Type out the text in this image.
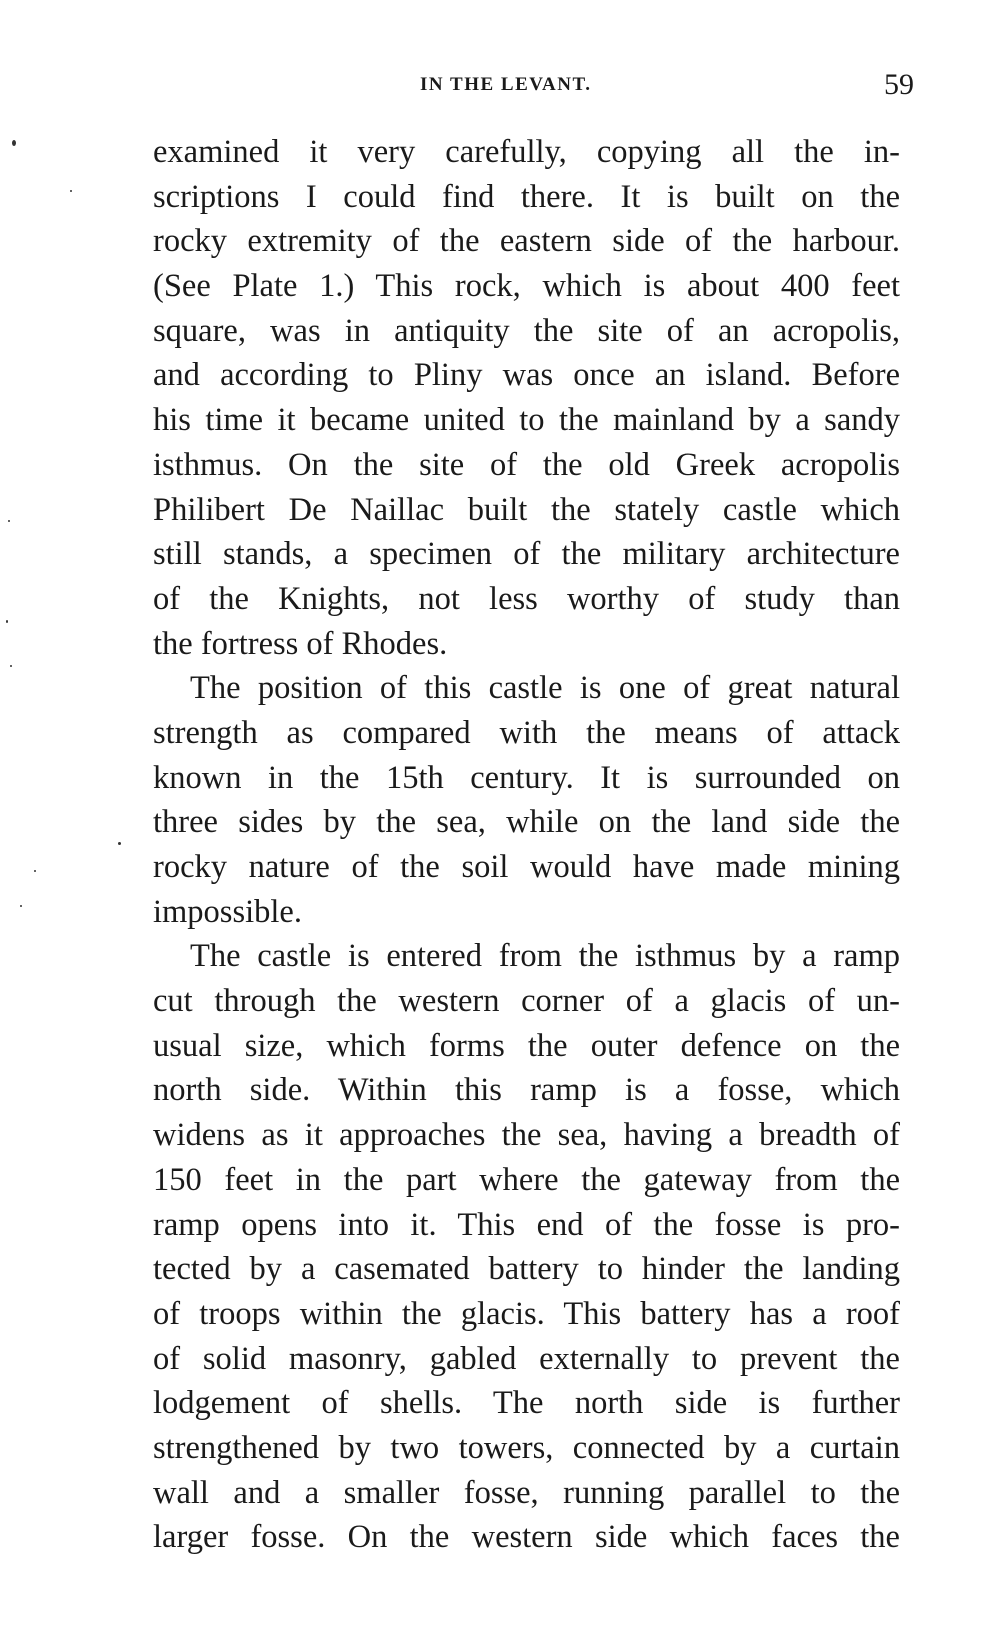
IN THE LEVANT.	59
examined it very carefully, copying all the in-
scriptions I could find there. It is built on the
rocky extremity of the eastern side of the harbour.
(See Plate 1.) This rock, which is about 400 feet
square, was in antiquity the site of an acropolis,
and according to Pliny was once an island. Before
his time it became united to the mainland by a sandy
isthmus. On the site of the old Greek acropolis
Philibert De Naillac built the stately castle which
still stands, a specimen of the military architecture
of the Knights, not less worthy of study than
the fortress of Rhodes.
The position of this castle is one of great natural
strength as compared with the means of attack
known in the 15th century. It is surrounded on
three sides by the sea, while on the land side the
rocky nature of the soil would have made mining
impossible.
The castle is entered from the isthmus by a ramp
cut through the western corner of a glacis of un-
usual size, which forms the outer defence on the
north side. Within this ramp is a fosse, which
widens as it approaches the sea, having a breadth of
150 feet in the part where the gateway from the
ramp opens into it. This end of the fosse is pro-
tected by a casemated battery to hinder the landing
of troops within the glacis. This battery has a roof
of solid masonry, gabled externally to prevent the
lodgement of shells. The north side is further
strengthened by two towers, connected by a curtain
wall and a smaller fosse, running parallel to the
larger fosse. On the western side which faces the
